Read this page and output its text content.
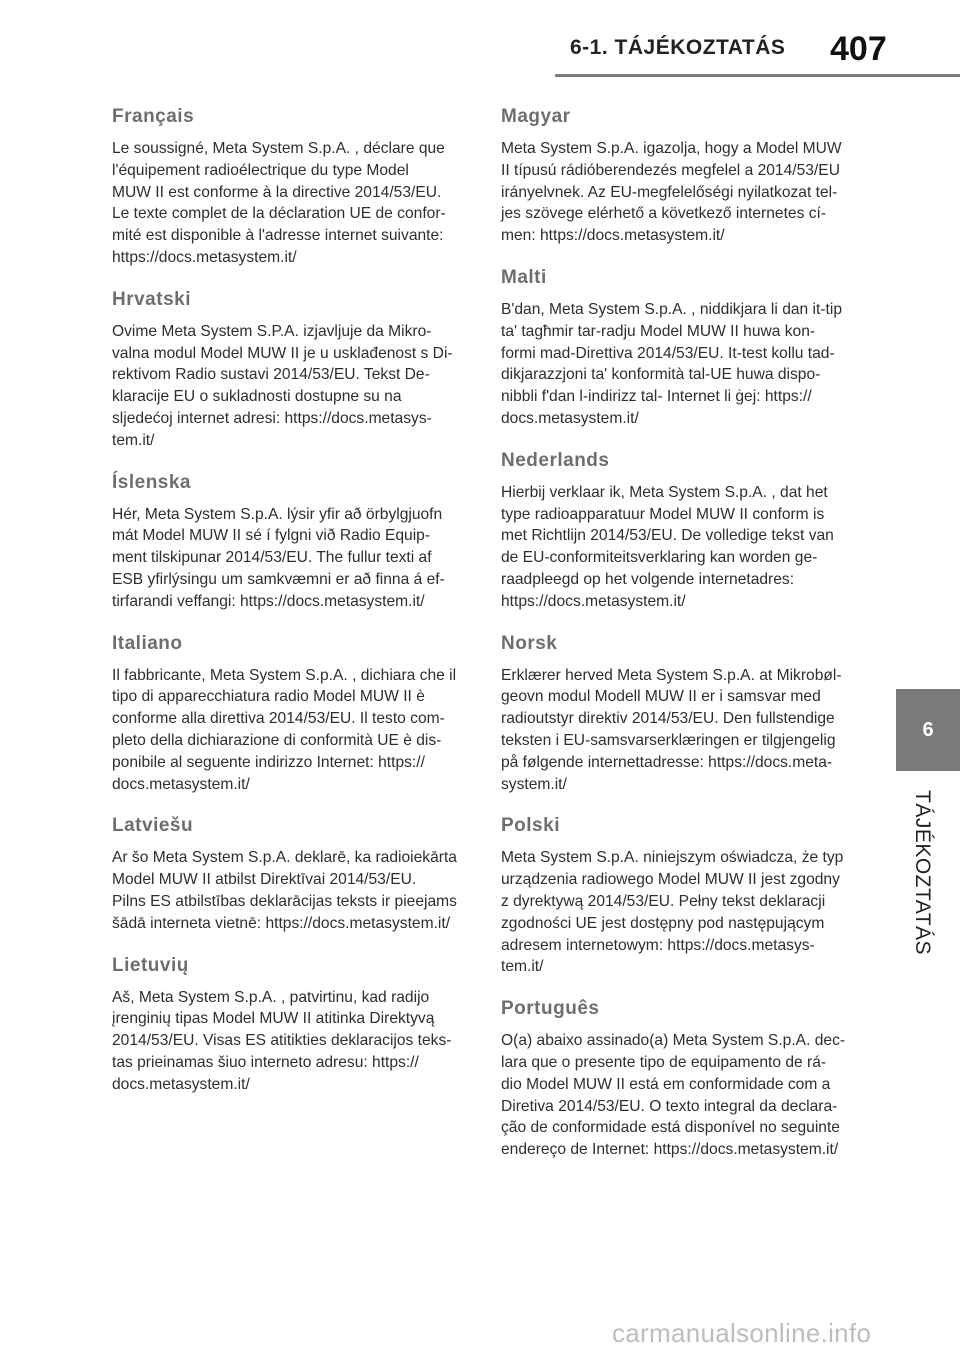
6-1. TÁJÉKOZTATÁS 407
Français

Le soussigné, Meta System S.p.A. , déclare que
l'équipement radioélectrique du type Model
MUW II est conforme à la directive 2014/53/EU.
Le texte complet de la déclaration UE de confor-
mité est disponible à l'adresse internet suivante:
https://docs.metasystem.it/

Hrvatski

Ovime Meta System S.P.A. izjavljuje da Mikro-
valna modul Model MUW II je u usklađenost s Di-
rektivom Radio sustavi 2014/53/EU. Tekst De-
klaracije EU o sukladnosti dostupne su na
sljedećoj internet adresi: https://docs.metasys-
tem.it/

Íslenska

Hér, Meta System S.p.A. lýsir yfir að örbylgjuofn
mát Model MUW II sé í fylgni við Radio Equip-
ment tilskipunar 2014/53/EU. The fullur texti af
ESB yfirlýsingu um samkvæmni er að finna á ef-
tirfarandi veffangi: https://docs.metasystem.it/

Italiano

Il fabbricante, Meta System S.p.A. , dichiara che il
tipo di apparecchiatura radio Model MUW II è
conforme alla direttiva 2014/53/EU. Il testo com-
pleto della dichiarazione di conformità UE è dis-
ponibile al seguente indirizzo Internet: https://
docs.metasystem.it/

Latviešu

Ar šo Meta System S.p.A. deklarē, ka radioiekārta
Model MUW II atbilst Direktīvai 2014/53/EU.
Pilns ES atbilstības deklarācijas teksts ir pieejams
šādā interneta vietnē: https://docs.metasystem.it/

Lietuvių

Aš, Meta System S.p.A. , patvirtinu, kad radijo
įrenginių tipas Model MUW II atitinka Direktyvą
2014/53/EU. Visas ES atitikties deklaracijos teks-
tas prieinamas šiuo interneto adresu: https://
docs.metasystem.it/

Magyar

Meta System S.p.A. igazolja, hogy a Model MUW
II típusú rádióberendezés megfelel a 2014/53/EU
irányelvnek. Az EU-megfelelőségi nyilatkozat tel-
jes szövege elérhető a következő internetes cí-
men: https://docs.metasystem.it/

Malti

B'dan, Meta System S.p.A. , niddikjara li dan it-tip
ta' tagħmir tar-radju Model MUW II huwa kon-
formi mad-Direttiva 2014/53/EU. It-test kollu tad-
dikjarazzjoni ta' konformità tal-UE huwa dispo-
nibbli f'dan l-indirizz tal- Internet li ġej: https://
docs.metasystem.it/

Nederlands

Hierbij verklaar ik, Meta System S.p.A. , dat het
type radioapparatuur Model MUW II conform is
met Richtlijn 2014/53/EU. De volledige tekst van
de EU-conformiteitsverklaring kan worden ge-
raadpleegd op het volgende internetadres:
https://docs.metasystem.it/

Norsk

Erklærer herved Meta System S.p.A. at Mikrobøl-
geovn modul Modell MUW II er i samsvar med
radioutstyr direktiv 2014/53/EU. Den fullstendige
teksten i EU-samsvarserklæringen er tilgjengelig
på følgende internettadresse: https://docs.meta-
system.it/

Polski

Meta System S.p.A. niniejszym oświadcza, że typ
urządzenia radiowego Model MUW II jest zgodny
z dyrektywą 2014/53/EU. Pełny tekst deklaracji
zgodności UE jest dostępny pod następującym
adresem internetowym: https://docs.metasys-
tem.it/

Português

O(a) abaixo assinado(a) Meta System S.p.A. dec-
lara que o presente tipo de equipamento de rá-
dio Model MUW II está em conformidade com a
Diretiva 2014/53/EU. O texto integral da declara-
ção de conformidade está disponível no seguinte
endereço de Internet: https://docs.metasystem.it/

6
TÁJÉKOZTATÁS
carmanualsonline.info
